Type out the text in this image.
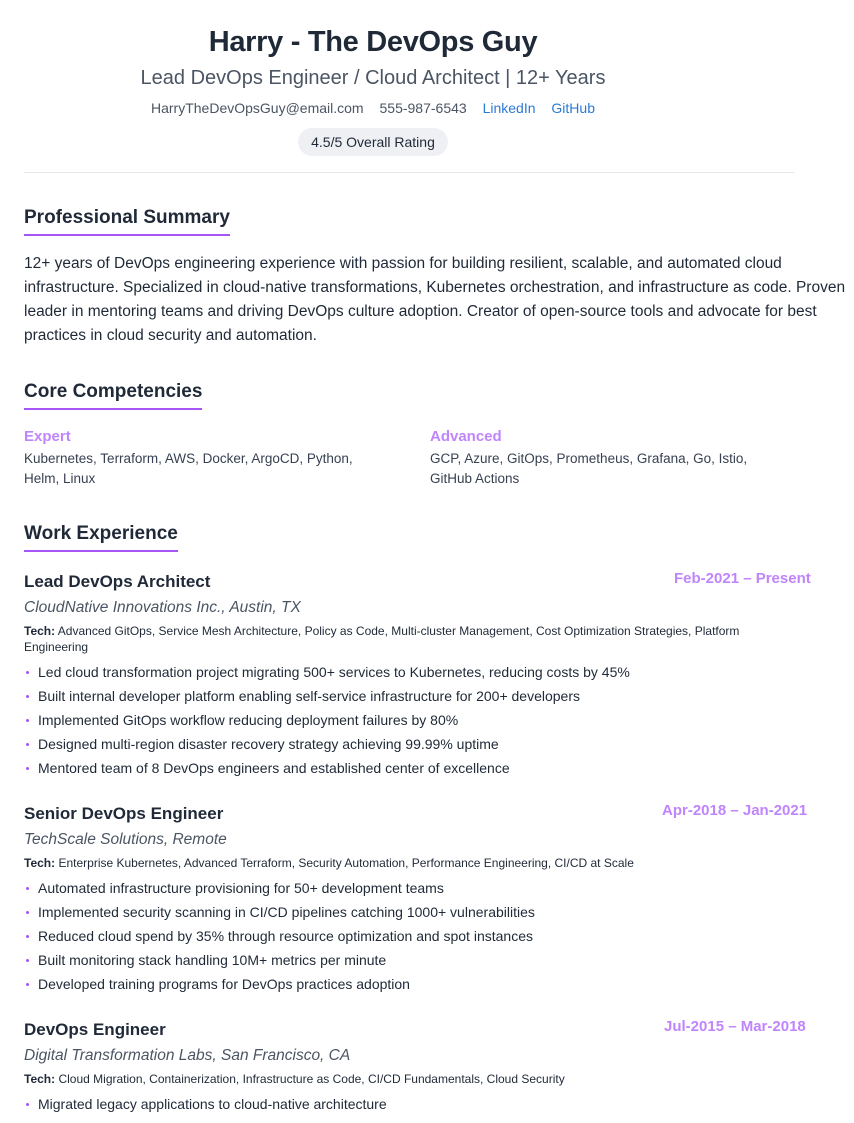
Harry - The DevOps Guy
Lead DevOps Engineer / Cloud Architect | 12+ Years
HarryTheDevOpsGuy@email.com 555-987-6543 LinkedIn GitHub
4.5/5 Overall Rating
Professional Summary

12+ years of DevOps engineering experience with passion for building resilient, scalable, and automated cloud infrastructure. Specialized in cloud-native transformations, Kubernetes orchestration, and infrastructure as code. Proven leader in mentoring teams and driving DevOps culture adoption. Creator of open-source tools and advocate for best practices in cloud security and automation.

Core Competencies
Expert
Kubernetes, Terraform, AWS, Docker, ArgoCD, Python, Helm, Linux
Advanced
GCP, Azure, GitOps, Prometheus, Grafana, Go, Istio, GitHub Actions
Work Experience
Lead DevOps Architect	Feb-2021 – Present
CloudNative Innovations Inc., Austin, TX
Tech: Advanced GitOps, Service Mesh Architecture, Policy as Code, Multi-cluster Management, Cost Optimization Strategies, Platform Engineering
Led cloud transformation project migrating 500+ services to Kubernetes, reducing costs by 45%
Built internal developer platform enabling self-service infrastructure for 200+ developers
Implemented GitOps workflow reducing deployment failures by 80%
Designed multi-region disaster recovery strategy achieving 99.99% uptime
Mentored team of 8 DevOps engineers and established center of excellence
Senior DevOps Engineer	Apr-2018 – Jan-2021
TechScale Solutions, Remote
Tech: Enterprise Kubernetes, Advanced Terraform, Security Automation, Performance Engineering, CI/CD at Scale
Automated infrastructure provisioning for 50+ development teams
Implemented security scanning in CI/CD pipelines catching 1000+ vulnerabilities
Reduced cloud spend by 35% through resource optimization and spot instances
Built monitoring stack handling 10M+ metrics per minute
Developed training programs for DevOps practices adoption
DevOps Engineer	Jul-2015 – Mar-2018
Digital Transformation Labs, San Francisco, CA
Tech: Cloud Migration, Containerization, Infrastructure as Code, CI/CD Fundamentals, Cloud Security
Migrated legacy applications to cloud-native architecture
